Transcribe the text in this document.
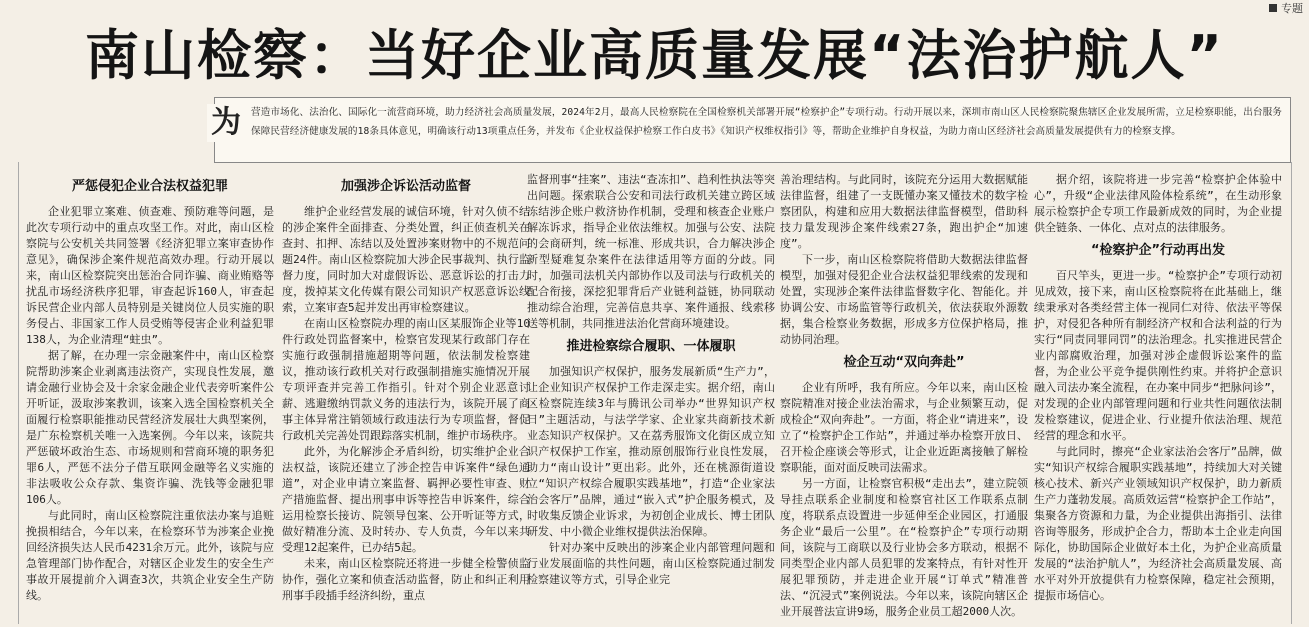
专题
南山检察：当好企业高质量发展“法治护航人”
为	营造市场化、法治化、国际化一流营商环境，助力经济社会高质量发展，2024年2月，最高人民检察院在全国检察机关部署开展“检察护企”专项行动。行动开展以来，深圳市南山区人民检察院聚焦辖区企业发展所需，立足检察职能，出台服务保障民营经济健康发展的18条具体意见，明确该行动13项重点任务，并发布《企业权益保护检察工作白皮书》《知识产权维权指引》等，帮助企业维护自身权益，为助力南山区经济社会高质量发展提供有力的检察支撑。
严惩侵犯企业合法权益犯罪

企业犯罪立案难、侦查难、预防难等问题，是此次专项行动中的重点攻坚工作。对此，南山区检察院与公安机关共同签署《经济犯罪立案审查协作意见》，确保涉企案件规范高效办理。行动开展以来，南山区检察院突出惩治合同诈骗、商业贿赂等扰乱市场经济秩序犯罪，审查起诉160人，审查起诉民营企业内部人员特别是关键岗位人员实施的职务侵占、非国家工作人员受贿等侵害企业利益犯罪138人，为企业清理“蛀虫”。

据了解，在办理一宗金融案件中，南山区检察院帮助涉案企业剥离违法资产，实现良性发展，邀请金融行业协会及十余家金融企业代表旁听案件公开听证，汲取涉案教训，该案入选全国检察机关全面履行检察职能推动民营经济发展壮大典型案例，是广东检察机关唯一入选案例。今年以来，该院共严惩破坏政治生态、市场规则和营商环境的职务犯罪6人，严惩不法分子借互联网金融等名义实施的非法吸收公众存款、集资诈骗、洗钱等金融犯罪106人。

与此同时，南山区检察院注重依法办案与追赃挽损相结合，今年以来，在检察环节为涉案企业挽回经济损失达人民币4231余万元。此外，该院与应急管理部门协作配合，对辖区企业发生的安全生产事故开展提前介入调查3次，共筑企业安全生产防线。

加强涉企诉讼活动监督

维护企业经营发展的诚信环境，针对久侦不结的涉企案件全面排查、分类处置，纠正侦查机关在查封、扣押、冻结以及处置涉案财物中的不规范问题24件。南山区检察院加大涉企民事裁判、执行监督力度，同时加大对虚假诉讼、恶意诉讼的打击力度，拨掉某文化传媒有限公司知识产权恶意诉讼线索，立案审查5起并发出再审检察建议。

在南山区检察院办理的南山区某服饰企业等10件行政处罚监督案中，检察官发现某行政部门存在实施行政强制措施超期等问题，依法制发检察建议，推动该行政机关对行政强制措施实施情况开展专项评查并完善工作指引。针对个别企业恶意讨薪、逃避缴纳罚款义务的违法行为，该院开展了商事主体异常注销领域行政违法行为专项监督，督促行政机关完善处罚跟踪落实机制，维护市场秩序。

此外，为化解涉企矛盾纠纷，切实维护企业合法权益，该院还建立了涉企控告申诉案件“绿色通道”，对企业申请立案监督、羁押必要性审查、财产措施监督、提出刑事申诉等控告申诉案件，综合运用检察长接访、院领导包案、公开听证等方式，做好精准分流、及时转办、专人负责，今年以来共受理12起案件，已办结5起。

未来，南山区检察院还将进一步健全检警侦监协作，强化立案和侦查活动监督，防止和纠正利用刑事手段插手经济纠纷，重点

监督刑事“挂案”、违法“查冻扣”、趋利性执法等突出问题。探索联合公安和司法行政机关建立跨区域冻结涉企账户救济协作机制，受理和核查企业账户解冻诉求，指导企业依法维权。加强与公安、法院的会商研判，统一标准、形成共识，合力解决涉企新型疑难复杂案件在法律适用等方面的分歧。同时，加强司法机关内部协作以及司法与行政机关的配合衔接，深挖犯罪背后产业链利益链，协同联动推动综合治理，完善信息共享、案件通报、线索移送等机制，共同推进法治化营商环境建设。

推进检察综合履职、一体履职

加强知识产权保护，服务发展新质“生产力”，让企业知识产权保护工作走深走实。据介绍，南山区检察院连续3年与腾讯公司举办“世界知识产权日”主题活动，与法学学家、企业家共商新技术新业态知识产权保护。又在荔秀服饰文化街区成立知识产权保护工作室，推动原创服饰行业良性发展，助力“南山设计”更出彩。此外，还在桃源街道设立“知识产权综合履职实践基地”，打造“企业家法治会客厅”品牌，通过“嵌入式”护企服务模式，及时收集反馈企业诉求，为初创企业成长、博士团队研发、中小微企业维权提供法治保障。

针对办案中反映出的涉案企业内部管理问题和行业发展面临的共性问题，南山区检察院通过制发检察建议等方式，引导企业完

善治理结构。与此同时，该院充分运用大数据赋能法律监督，组建了一支既懂办案又懂技术的数字检察团队，构建和应用大数据法律监督模型，借助科技力量发现涉企案件线索27条，跑出护企“加速度”。

下一步，南山区检察院将借助大数据法律监督模型，加强对侵犯企业合法权益犯罪线索的发现和处置，实现涉企案件法律监督数字化、智能化。并协调公安、市场监管等行政机关，依法获取外源数据，集合检察业务数据，形成多方位保护格局，推动协同治理。

检企互动“双向奔赴”

企业有所呼，我有所应。今年以来，南山区检察院精准对接企业法治需求，与企业频繁互动，促成检企“双向奔赴”。一方面，将企业“请进来”，设立了“检察护企工作站”，并通过举办检察开放日、召开检企座谈会等形式，让企业近距离接触了解检察职能，面对面反映司法需求。

另一方面，让检察官积极“走出去”，建立院领导挂点联系企业制度和检察官社区工作联系点制度，将联系点设置进一步延伸至企业园区，打通服务企业“最后一公里”。在“检察护企”专项行动期间，该院与工商联以及行业协会多方联动，根据不同类型企业内部人员犯罪的发案特点，有针对性开展犯罪预防，并走进企业开展“订单式”精准普法、“沉浸式”案例说法。今年以来，该院向辖区企业开展普法宣讲9场，服务企业员工超2000人次。

据介绍，该院将进一步完善“检察护企体验中心”，升级“企业法律风险体检系统”，在生动形象展示检察护企专项工作最新成效的同时，为企业提供全链条、一体化、点对点的法律服务。

“检察护企”行动再出发

百尺竿头，更进一步。“检察护企”专项行动初见成效，接下来，南山区检察院将在此基础上，继续秉承对各类经营主体一视同仁对待、依法平等保护，对侵犯各种所有制经济产权和合法利益的行为实行“同责同罪同罚”的法治理念。扎实推进民营企业内部腐败治理，加强对涉企虚假诉讼案件的监督，为企业公平竞争提供刚性约束。并将护企意识融入司法办案全流程，在办案中同步“把脉问诊”，对发现的企业内部管理问题和行业共性问题依法制发检察建议，促进企业、行业提升依法治理、规范经营的理念和水平。

与此同时，擦亮“企业家法治会客厅”品牌，做实“知识产权综合履职实践基地”，持续加大对关键核心技术、新兴产业领域知识产权保护，助力新质生产力蓬勃发展。高质效运营“检察护企工作站”，集聚各方资源和力量，为企业提供出海指引、法律咨询等服务，形成护企合力，帮助本土企业走向国际化，协助国际企业做好本土化，为护企业高质量发展的“法治护航人”，为经济社会高质量发展、高水平对外开放提供有力检察保障，稳定社会预期，提振市场信心。
